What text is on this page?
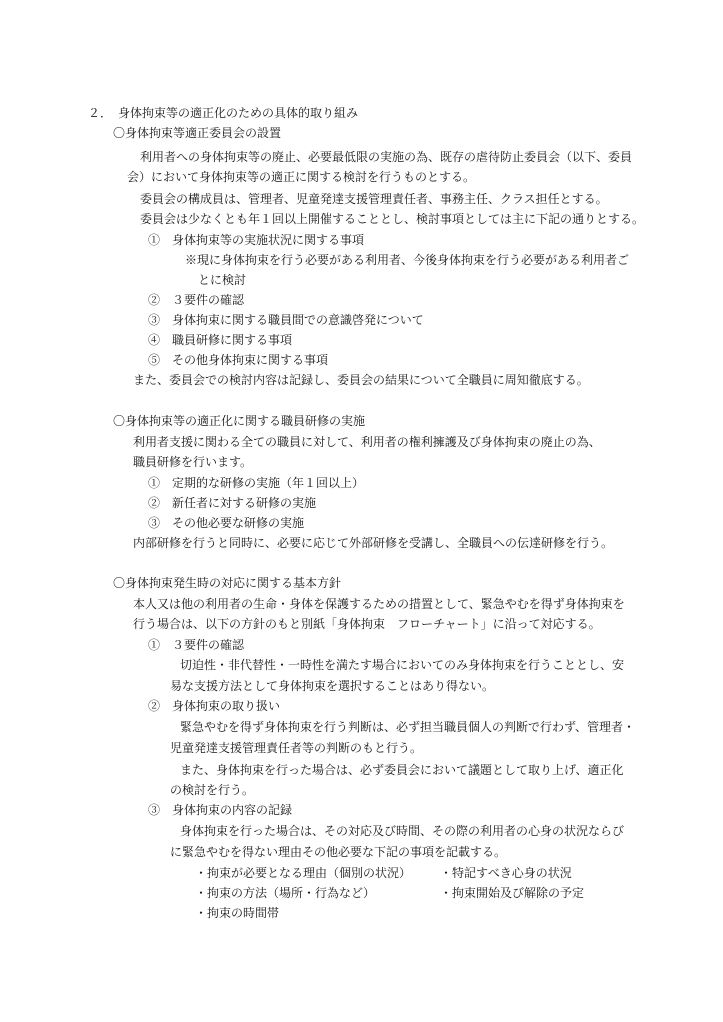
２．　身体拘束等の適正化のための具体的取り組み
〇身体拘束等適正委員会の設置
利用者への身体拘束等の廃止、必要最低限の実施の為、既存の虐待防止委員会（以下、委員
会）において身体拘束等の適正に関する検討を行うものとする。
委員会の構成員は、管理者、児童発達支援管理責任者、事務主任、クラス担任とする。
委員会は少なくとも年１回以上開催することとし、検討事項としては主に下記の通りとする。
①　身体拘束等の実施状況に関する事項
※現に身体拘束を行う必要がある利用者、今後身体拘束を行う必要がある利用者ご
とに検討
②　３要件の確認
③　身体拘束に関する職員間での意識啓発について
④　職員研修に関する事項
⑤　その他身体拘束に関する事項
また、委員会での検討内容は記録し、委員会の結果について全職員に周知徹底する。
〇身体拘束等の適正化に関する職員研修の実施
利用者支援に関わる全ての職員に対して、利用者の権利擁護及び身体拘束の廃止の為、
職員研修を行います。
①　定期的な研修の実施（年１回以上）
②　新任者に対する研修の実施
③　その他必要な研修の実施
内部研修を行うと同時に、必要に応じて外部研修を受講し、全職員への伝達研修を行う。
〇身体拘束発生時の対応に関する基本方針
本人又は他の利用者の生命・身体を保護するための措置として、緊急やむを得ず身体拘束を
行う場合は、以下の方針のもと別紙「身体拘束　フローチャート」に沿って対応する。
①　３要件の確認
切迫性・非代替性・一時性を満たす場合においてのみ身体拘束を行うこととし、安
易な支援方法として身体拘束を選択することはあり得ない。
②　身体拘束の取り扱い
緊急やむを得ず身体拘束を行う判断は、必ず担当職員個人の判断で行わず、管理者・
児童発達支援管理責任者等の判断のもと行う。
また、身体拘束を行った場合は、必ず委員会において議題として取り上げ、適正化
の検討を行う。
③　身体拘束の内容の記録
身体拘束を行った場合は、その対応及び時間、その際の利用者の心身の状況ならび
に緊急やむを得ない理由その他必要な下記の事項を記載する。
・拘束が必要となる理由（個別の状況） ・特記すべき心身の状況
・拘束の方法（場所・行為など）	・拘束開始及び解除の予定
・拘束の時間帯
